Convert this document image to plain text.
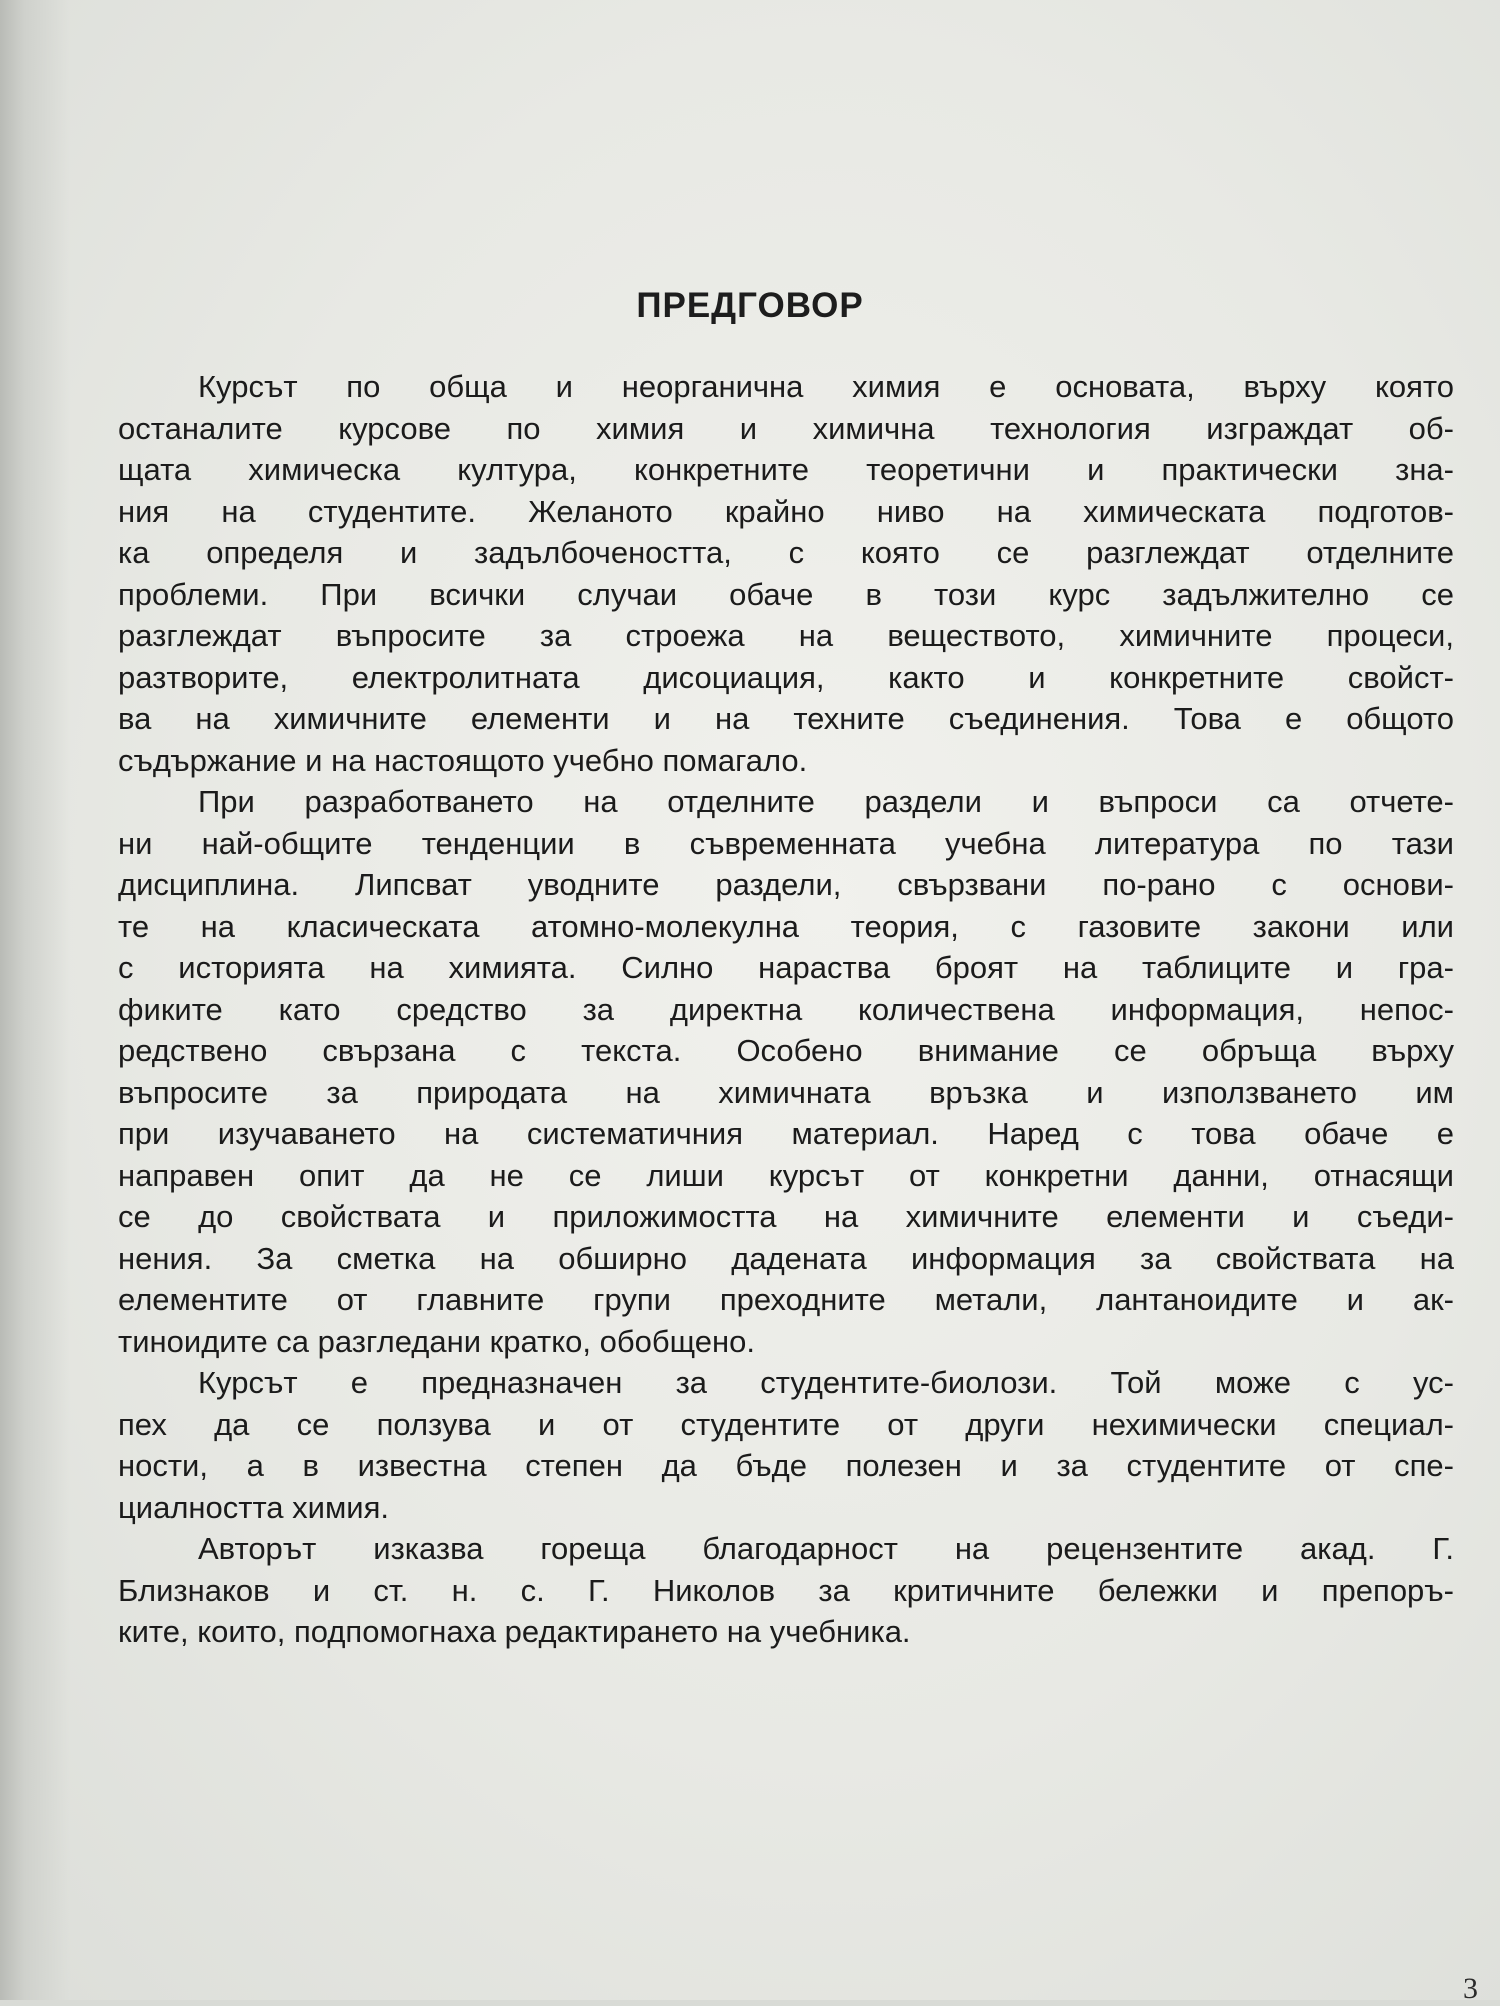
ПРЕДГОВОР
Курсът по обща и неорганична химия е основата, върху която
останалите курсове по химия и химична технология изграждат об-
щата химическа култура, конкретните теоретични и практически зна-
ния на студентите. Желаното крайно ниво на химическата подготов-
ка определя и задълбочеността, с която се разглеждат отделните
проблеми. При всички случаи обаче в този курс задължително се
разглеждат въпросите за строежа на веществото, химичните процеси,
разтворите, електролитната дисоциация, както и конкретните свойст-
ва на химичните елементи и на техните съединения. Това е общото
съдържание и на настоящото учебно помагало.
При разработването на отделните раздели и въпроси са отчете-
ни най-общите тенденции в съвременната учебна литература по тази
дисциплина. Липсват уводните раздели, свързвани по-рано с основи-
те на класическата атомно-молекулна теория, с газовите закони или
с историята на химията. Силно нараства броят на таблиците и гра-
фиките като средство за директна количествена информация, непос-
редствено свързана с текста. Особено внимание се обръща върху
въпросите за природата на химичната връзка и използването им
при изучаването на систематичния материал. Наред с това обаче е
направен опит да не се лиши курсът от конкретни данни, отнасящи
се до свойствата и приложимостта на химичните елементи и съеди-
нения. За сметка на обширно дадената информация за свойствата на
елементите от главните групи преходните метали, лантаноидите и ак-
тиноидите са разгледани кратко, обобщено.
Курсът е предназначен за студентите-биолози. Той може с ус-
пех да се ползува и от студентите от други нехимически специал-
ности, а в известна степен да бъде полезен и за студентите от спе-
циалността химия.
Авторът изказва гореща благодарност на рецензентите акад. Г.
Близнаков и ст. н. с. Г. Николов за критичните бележки и препоръ-
ките, които, подпомогнаха редактирането на учебника.
3
